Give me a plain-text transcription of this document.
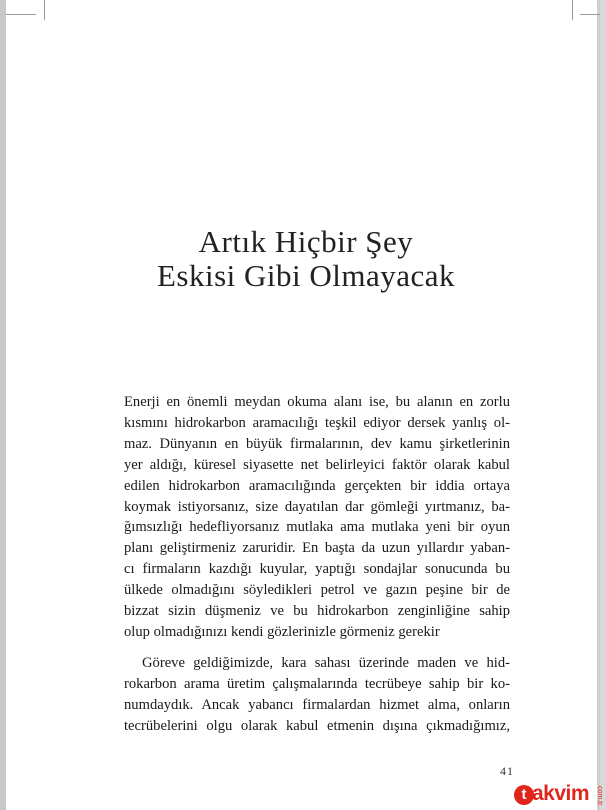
Artık Hiçbir Şey
Eskisi Gibi Olmayacak
Enerji en önemli meydan okuma alanı ise, bu alanın en zorlu
kısmını hidrokarbon aramacılığı teşkil ediyor dersek yanlış ol-
maz. Dünyanın en büyük firmalarının, dev kamu şirketlerinin
yer aldığı, küresel siyasette net belirleyici faktör olarak kabul
edilen hidrokarbon aramacılığında gerçekten bir iddia ortaya
koymak istiyorsanız, size dayatılan dar gömleği yırtmanız, ba-
ğımsızlığı hedefliyorsanız mutlaka ama mutlaka yeni bir oyun
planı geliştirmeniz zaruridir. En başta da uzun yıllardır yaban-
cı firmaların kazdığı kuyular, yaptığı sondajlar sonucunda bu
ülkede olmadığını söyledikleri petrol ve gazın peşine bir de
bizzat sizin düşmeniz ve bu hidrokarbon zenginliğine sahip
olup olmadığınızı kendi gözlerinizle görmeniz gerekir
Göreve geldiğimizde, kara sahası üzerinde maden ve hid-
rokarbon arama üretim çalışmalarında tecrübeye sahip bir ko-
numdaydık. Ancak yabancı firmalardan hizmet alma, onların
tecrübelerini olgu olarak kabul etmenin dışına çıkmadığımız,
41
t akvim com.tr
